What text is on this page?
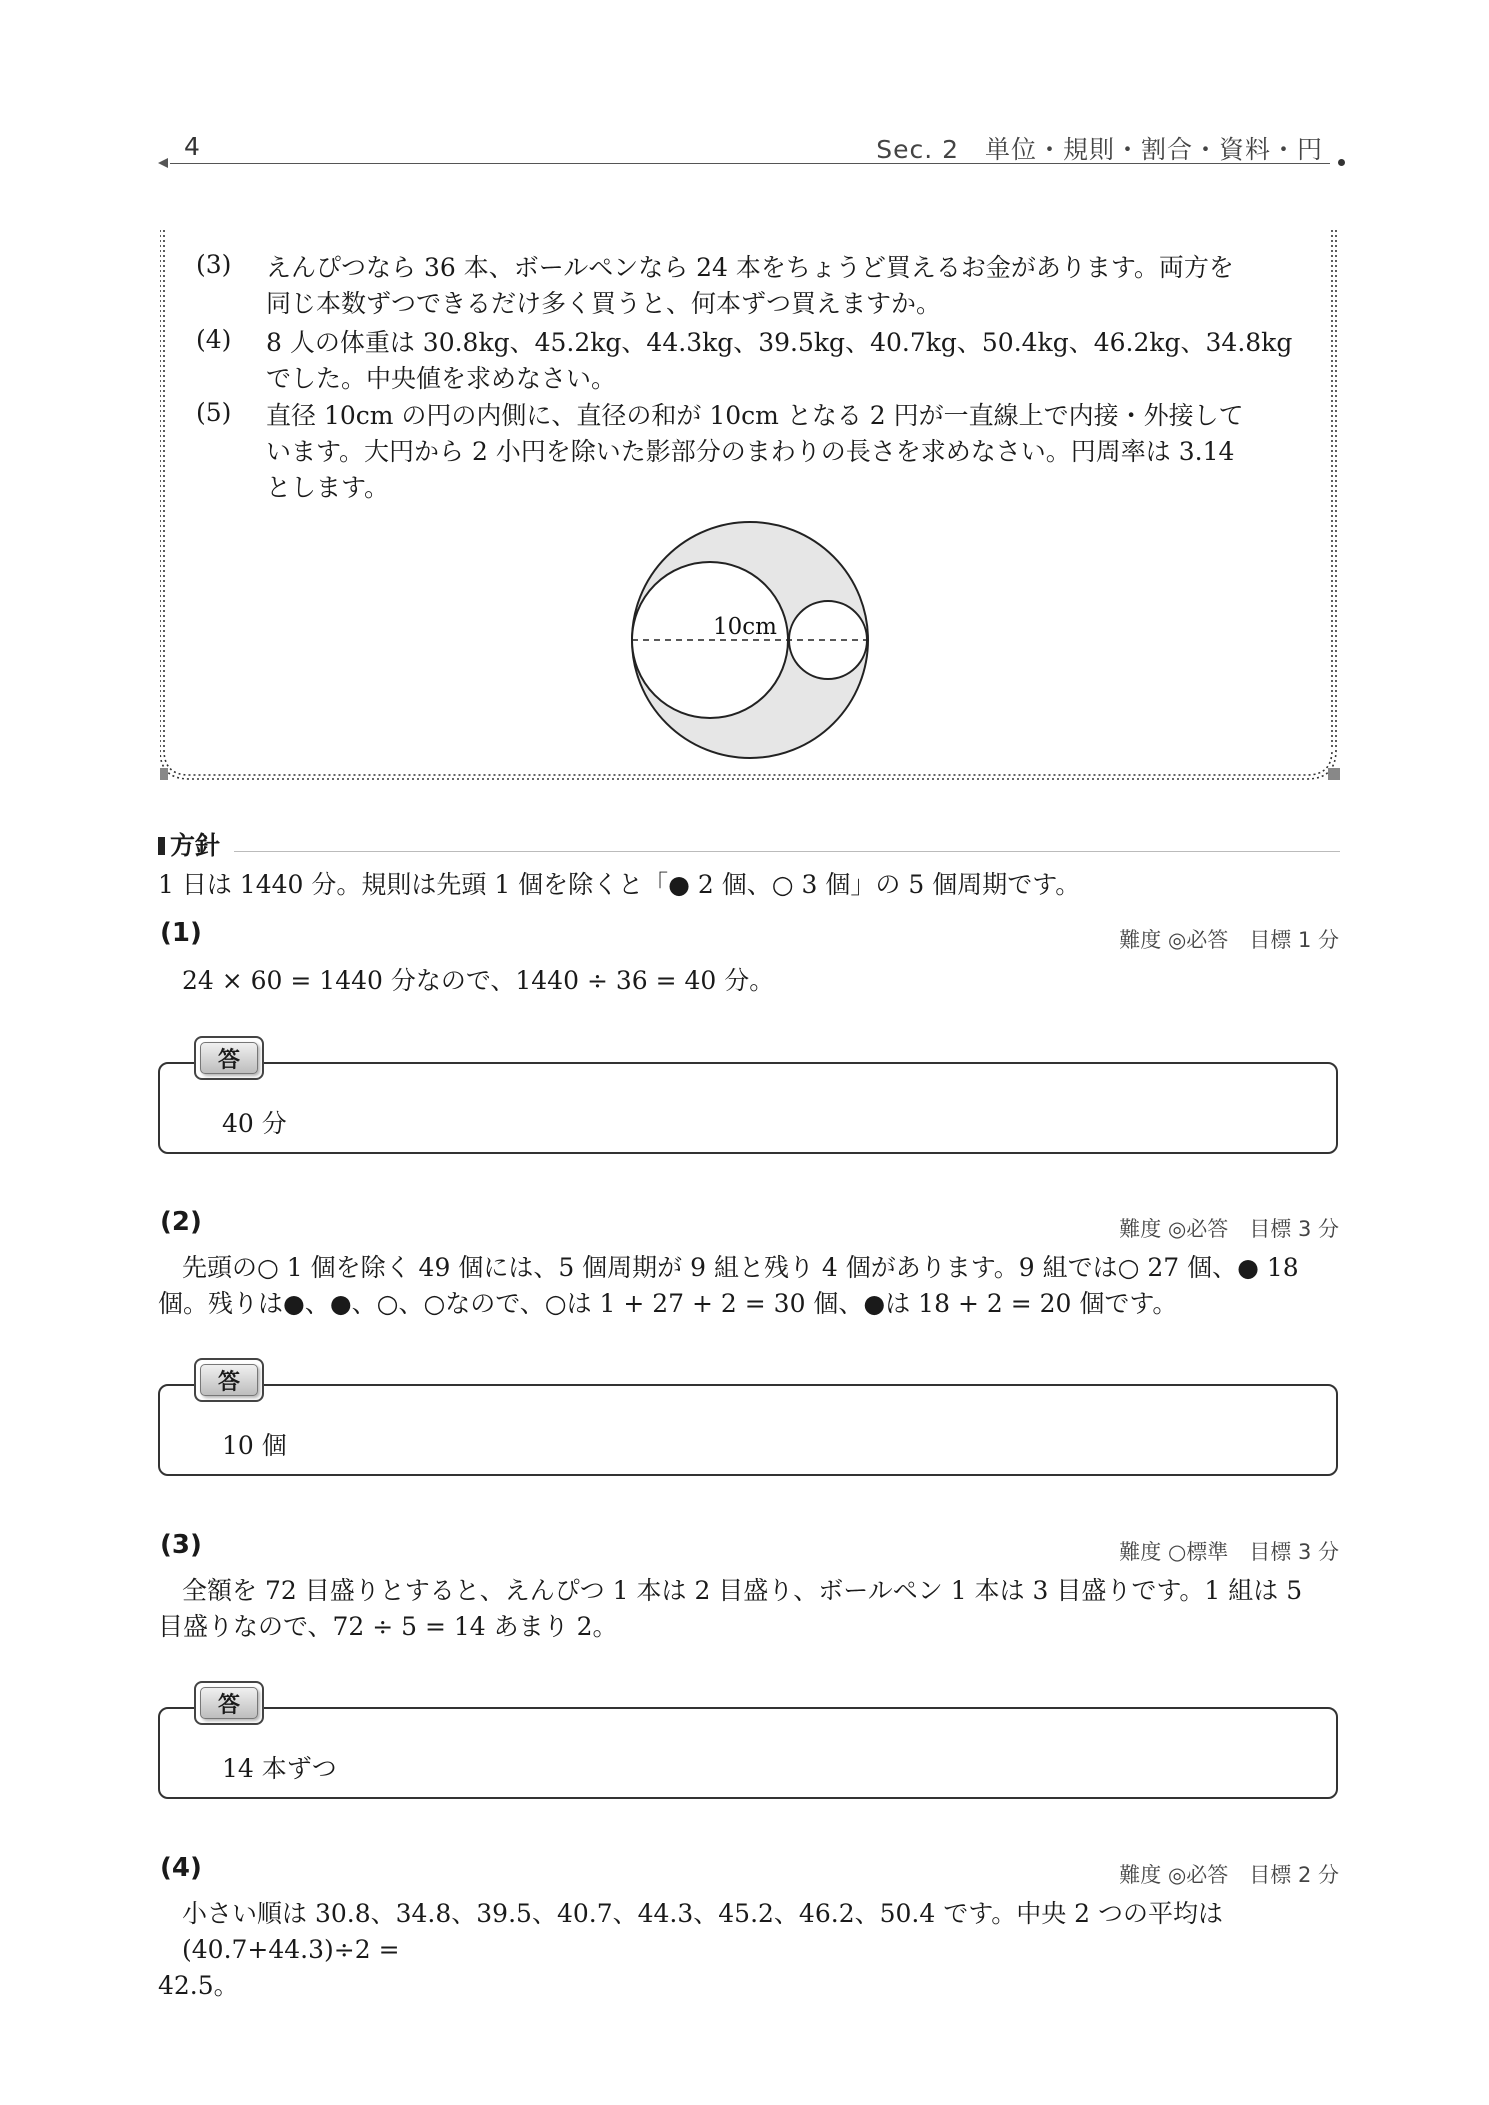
4	Sec. 2　単位・規則・割合・資料・円
(3) えんぴつなら 36 本、ボールペンなら 24 本をちょうど買えるお金があります。両方を
同じ本数ずつできるだけ多く買うと、何本ずつ買えますか。
(4) 8 人の体重は 30.8kg、45.2kg、44.3kg、39.5kg、40.7kg、50.4kg、46.2kg、34.8kg
でした。中央値を求めなさい。
(5) 直径 10cm の円の内側に、直径の和が 10cm となる 2 円が一直線上で内接・外接して
います。大円から 2 小円を除いた影部分のまわりの長さを求めなさい。円周率は 3.14
とします。
10cm
方針
1 日は 1440 分。規則は先頭 1 個を除くと「● 2 個、○ 3 個」の 5 個周期です。
(1)	難度 ◎必答　目標 1 分
24 × 60 = 1440 分なので、1440 ÷ 36 = 40 分。
答
40 分
(2)	難度 ◎必答　目標 3 分
先頭の○ 1 個を除く 49 個には、5 個周期が 9 組と残り 4 個があります。9 組では○ 27 個、● 18
個。残りは●、●、○、○なので、○は 1 + 27 + 2 = 30 個、●は 18 + 2 = 20 個です。
答
10 個
(3)	難度 ○標準　目標 3 分
全額を 72 目盛りとすると、えんぴつ 1 本は 2 目盛り、ボールペン 1 本は 3 目盛りです。1 組は 5
目盛りなので、72 ÷ 5 = 14 あまり 2。
答
14 本ずつ
(4)	難度 ◎必答　目標 2 分
小さい順は 30.8、34.8、39.5、40.7、44.3、45.2、46.2、50.4 です。中央 2 つの平均は (40.7+44.3)÷2 =
42.5。
